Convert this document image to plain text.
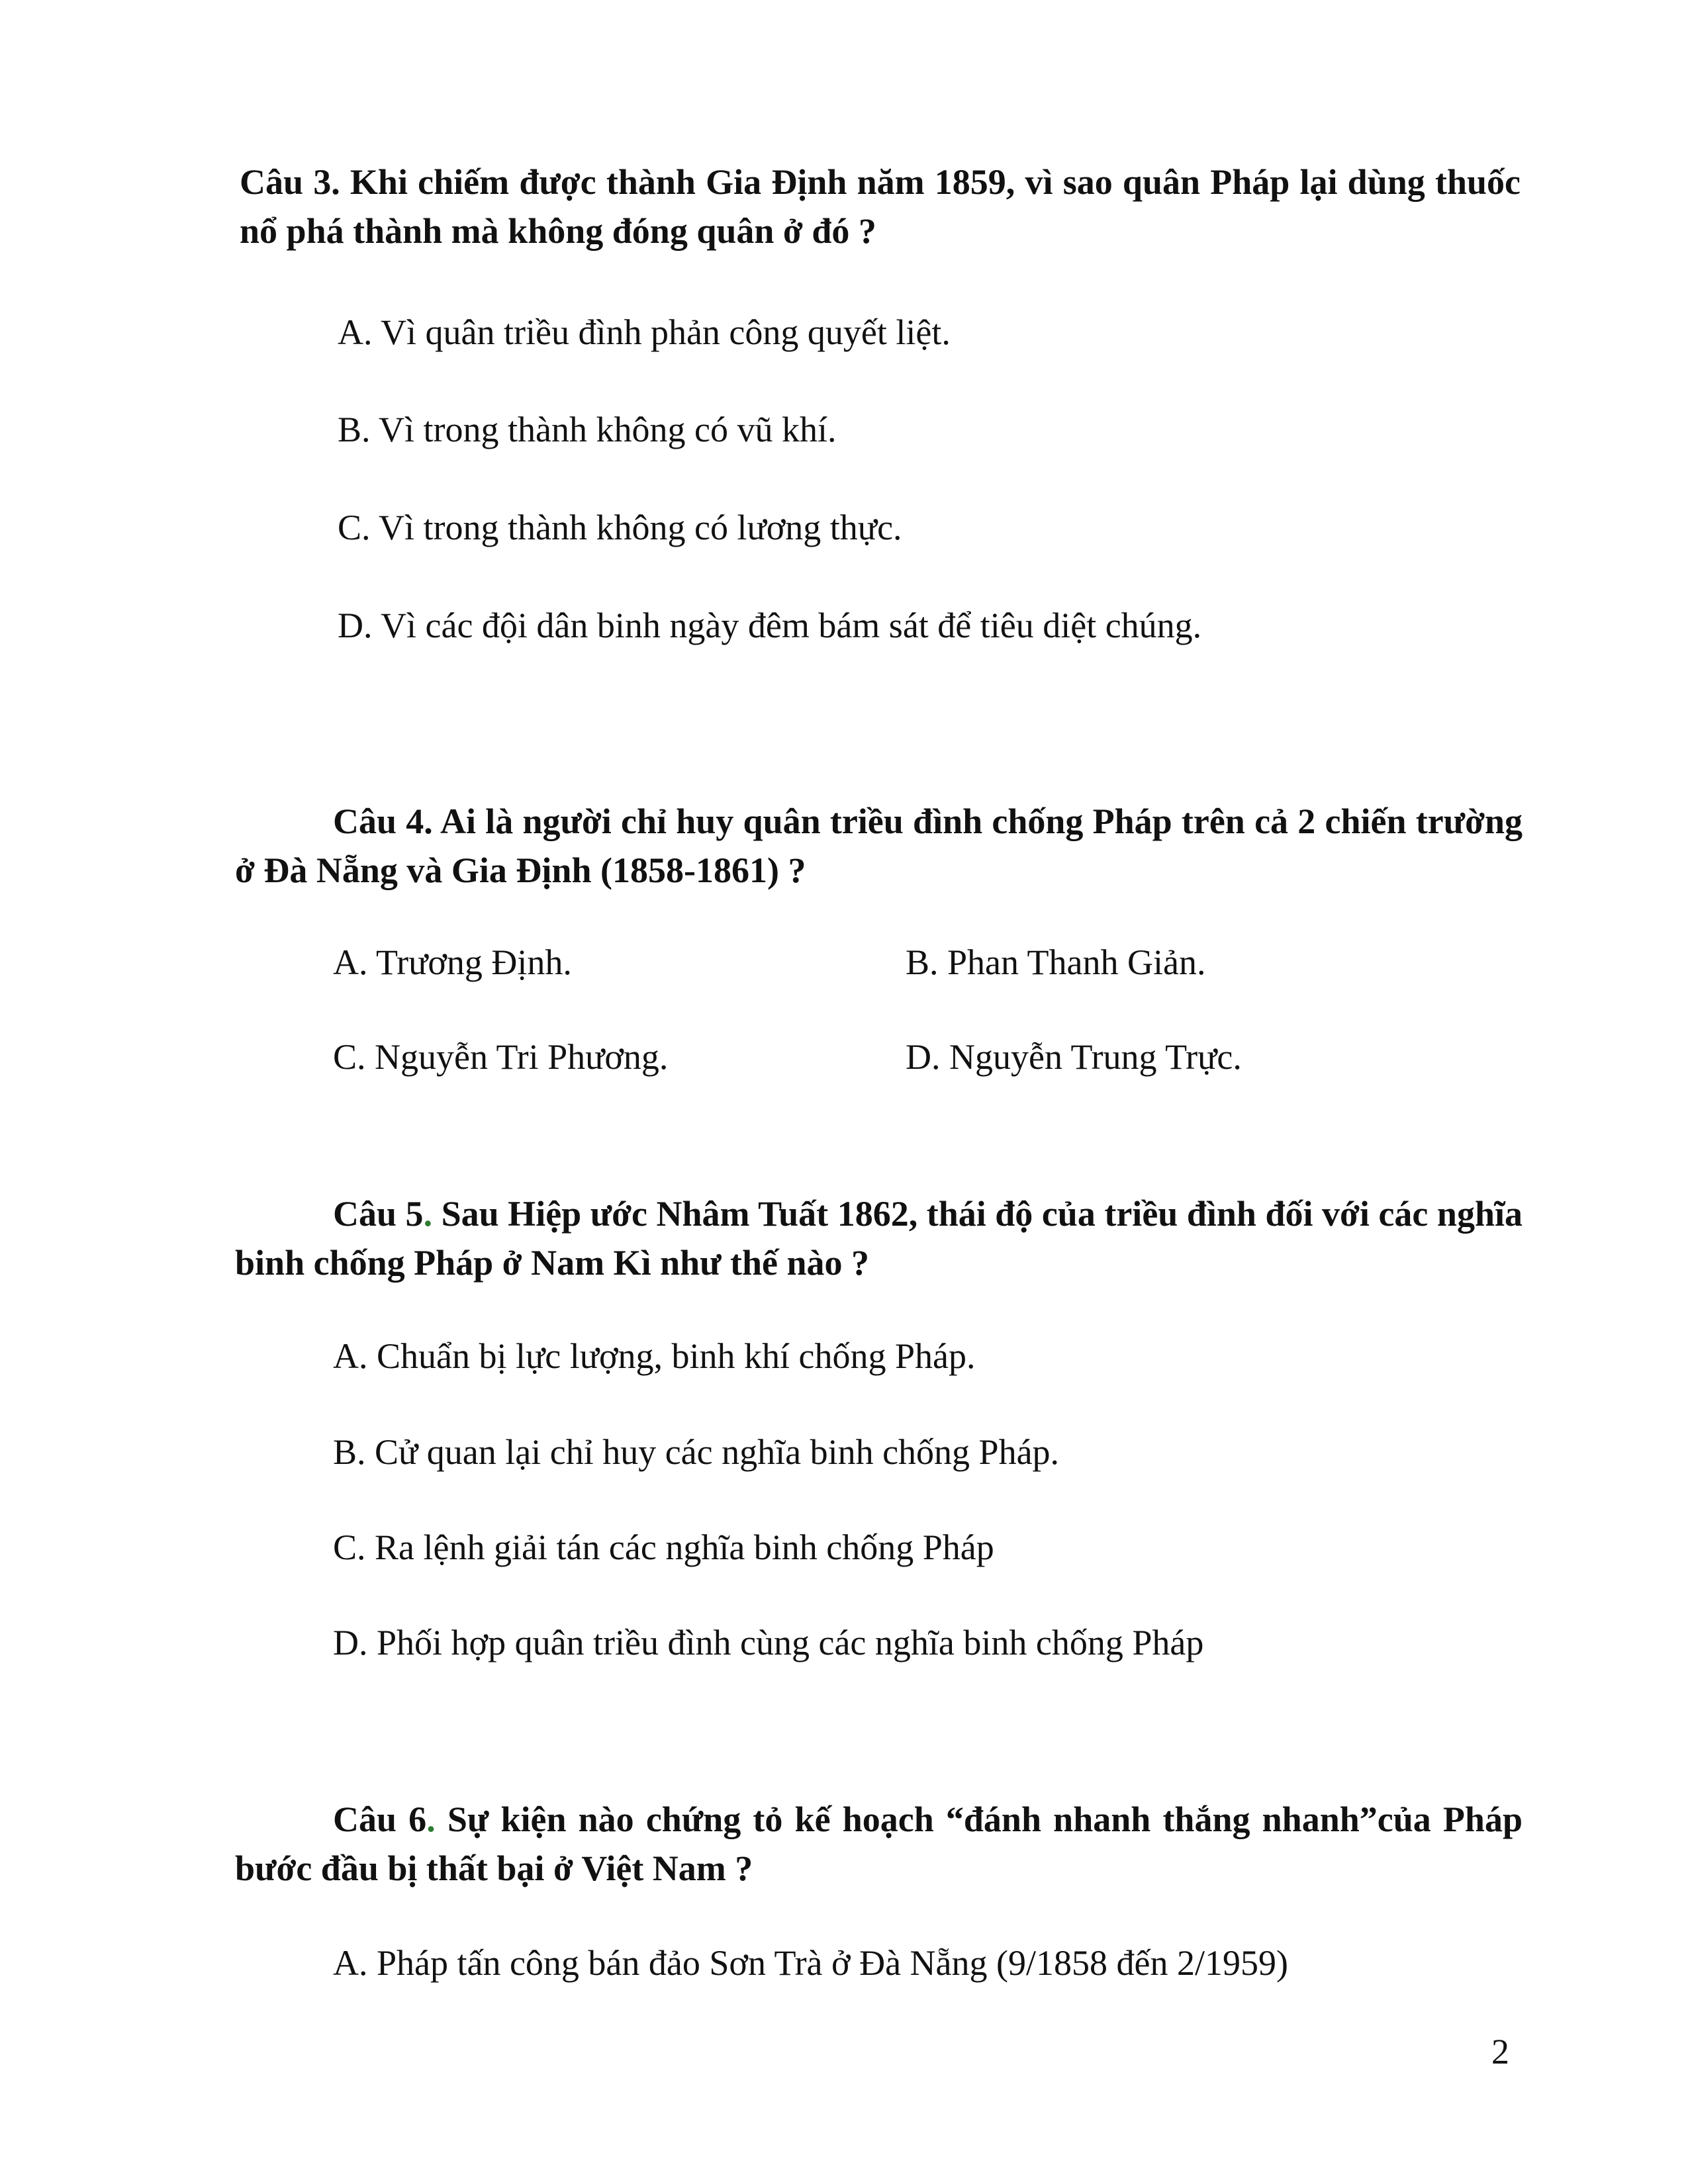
Câu 3. Khi chiếm được thành Gia Định năm 1859, vì sao quân Pháp lại dùng thuốc nổ phá thành mà không đóng quân ở đó ?
A. Vì quân triều đình phản công quyết liệt.
B. Vì trong thành không có vũ khí.
C. Vì trong thành không có lương thực.
D. Vì các đội dân binh ngày đêm bám sát để tiêu diệt chúng.
Câu 4. Ai là người chỉ huy quân triều đình chống Pháp trên cả 2 chiến trường ở Đà Nẵng và Gia Định (1858-1861) ?
A. Trương Định.	B. Phan Thanh Giản.
C. Nguyễn Tri Phương.	D. Nguyễn Trung Trực.
Câu 5. Sau Hiệp ước Nhâm Tuất 1862, thái độ của triều đình đối với các nghĩa binh chống Pháp ở Nam Kì như thế nào ?
A. Chuẩn bị lực lượng, binh khí chống Pháp.
B. Cử quan lại chỉ huy các nghĩa binh chống Pháp.
C. Ra lệnh giải tán các nghĩa binh chống Pháp
D. Phối hợp quân triều đình cùng các nghĩa binh chống Pháp
Câu 6. Sự kiện nào chứng tỏ kế hoạch “đánh nhanh thắng nhanh”của Pháp bước đầu bị thất bại ở Việt Nam ?
A. Pháp tấn công bán đảo Sơn Trà ở Đà Nẵng (9/1858 đến 2/1959)
2
